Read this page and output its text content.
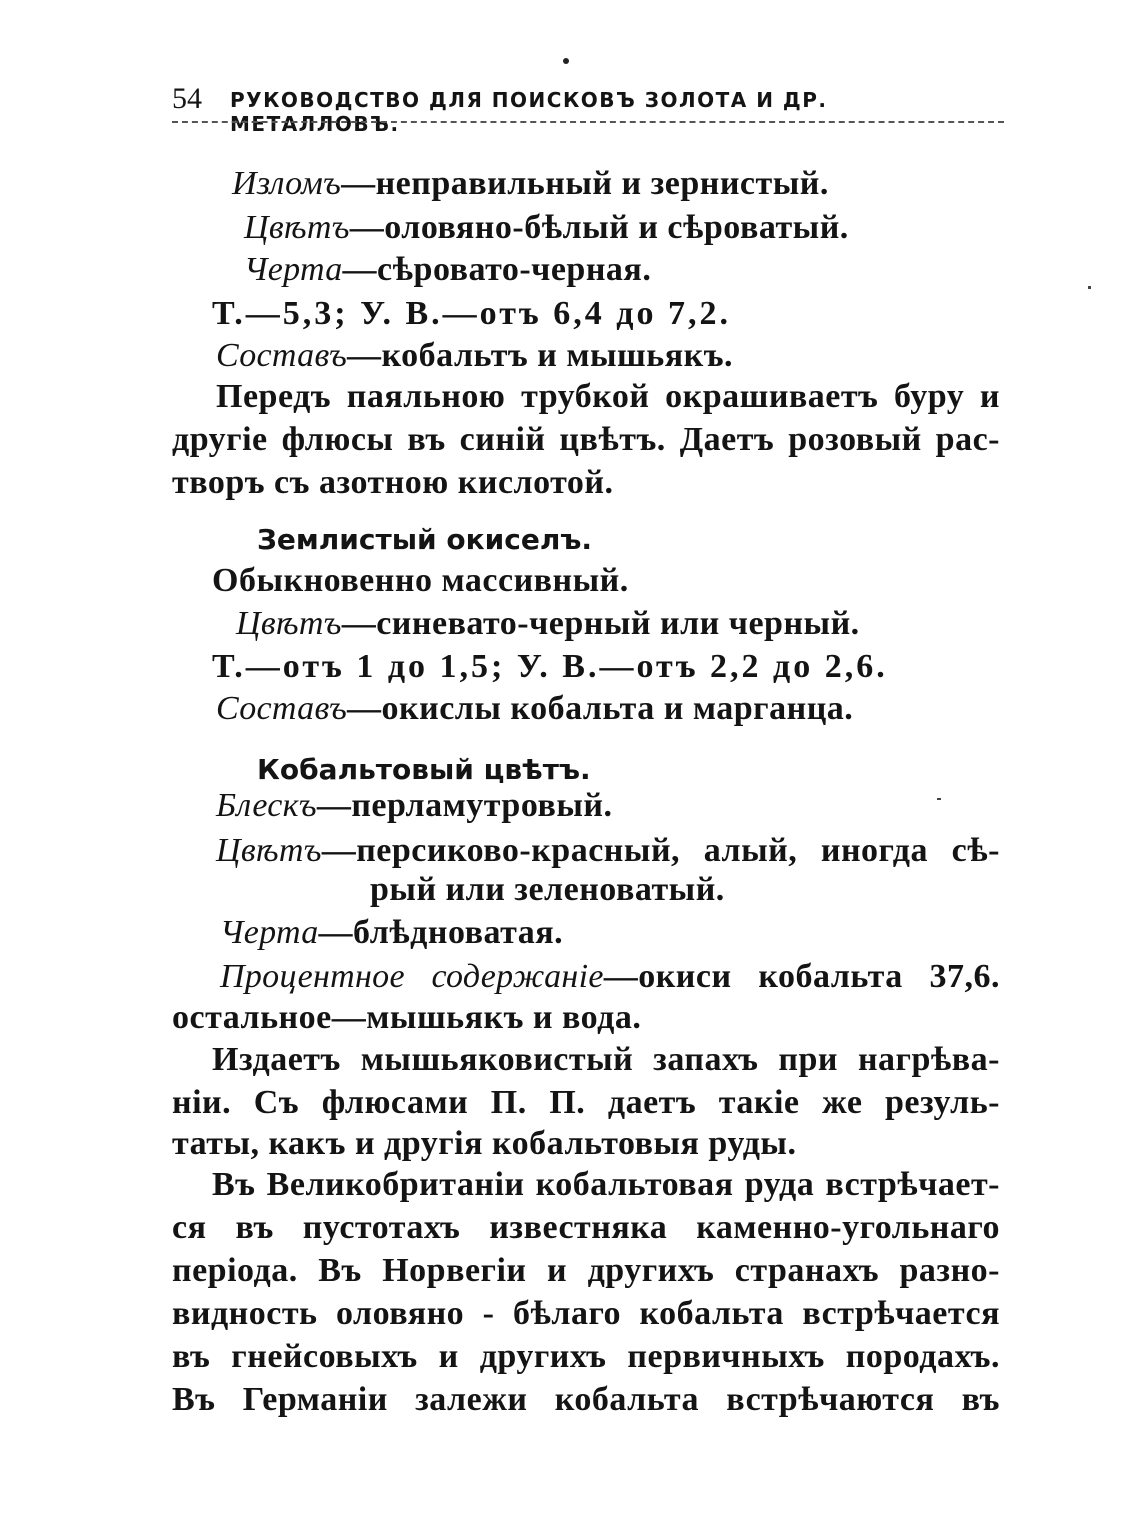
54 РУКОВОДСТВО ДЛЯ ПОИСКОВЪ ЗОЛОТА И ДР. МЕТАЛЛОВЪ.
Изломъ—неправильный и зернистый.
Цвѣтъ—оловяно-бѣлый и сѣроватый.
Черта—сѣровато-черная.
Т.—5,3; У. В.—отъ 6,4 до 7,2.
Составъ—кобальтъ и мышьякъ.
Передъ паяльною трубкой окрашиваетъ буру и
другіе флюсы въ синій цвѣтъ. Даетъ розовый рас-
творъ съ азотною кислотой.
Землистый окиселъ.
Обыкновенно массивный.
Цвѣтъ—синевато-черный или черный.
Т.—отъ 1 до 1,5; У. В.—отъ 2,2 до 2,6.
Составъ—окислы кобальта и марганца.
Кобальтовый цвѣтъ.
Блескъ—перламутровый.
Цвѣтъ—персиково-красный, алый, иногда сѣ-
рый или зеленоватый.
Черта—блѣдноватая.
Процентное содержаніе—окиси кобальта 37,6.
остальное—мышьякъ и вода.
Издаетъ мышьяковистый запахъ при нагрѣва-
ніи. Съ флюсами П. П. даетъ такіе же резуль-
таты, какъ и другія кобальтовыя руды.
Въ Великобританіи кобальтовая руда встрѣчает-
ся въ пустотахъ известняка каменно-угольнаго
періода. Въ Норвегіи и другихъ странахъ разно-
видность оловяно - бѣлаго кобальта встрѣчается
въ гнейсовыхъ и другихъ первичныхъ породахъ.
Въ Германіи залежи кобальта встрѣчаются въ
